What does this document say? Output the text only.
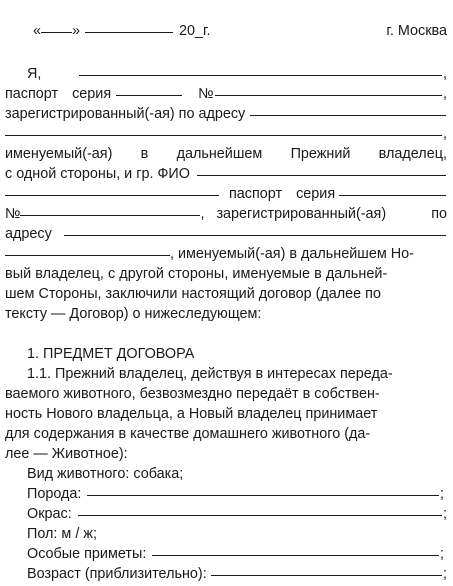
« »	20 _г.	г. Москва
Я,	,
паспорт серия	№	,
зарегистрированный(-ая) по адресу
,
именуемый(-ая) в дальнейшем Прежний владелец,
с одной стороны, и гр. ФИО
паспорт серия
№	, зарегистрированный(-ая)	по
адресу
, именуемый(-ая) в дальнейшем Но-
вый владелец, с другой стороны, именуемые в дальней-
шем Стороны, заключили настоящий договор (далее по
тексту — Договор) о нижеследующем:
1. ПРЕДМЕТ ДОГОВОРА
1.1. Прежний владелец, действуя в интересах переда-
ваемого животного, безвозмездно передаёт в собствен-
ность Нового владельца, а Новый владелец принимает
для содержания в качестве домашнего животного (да-
лее — Животное):
Вид животного: собака;
Порода:	;
Окрас:	;
Пол: м / ж;
Особые приметы:	;
Возраст (приблизительно):	;
